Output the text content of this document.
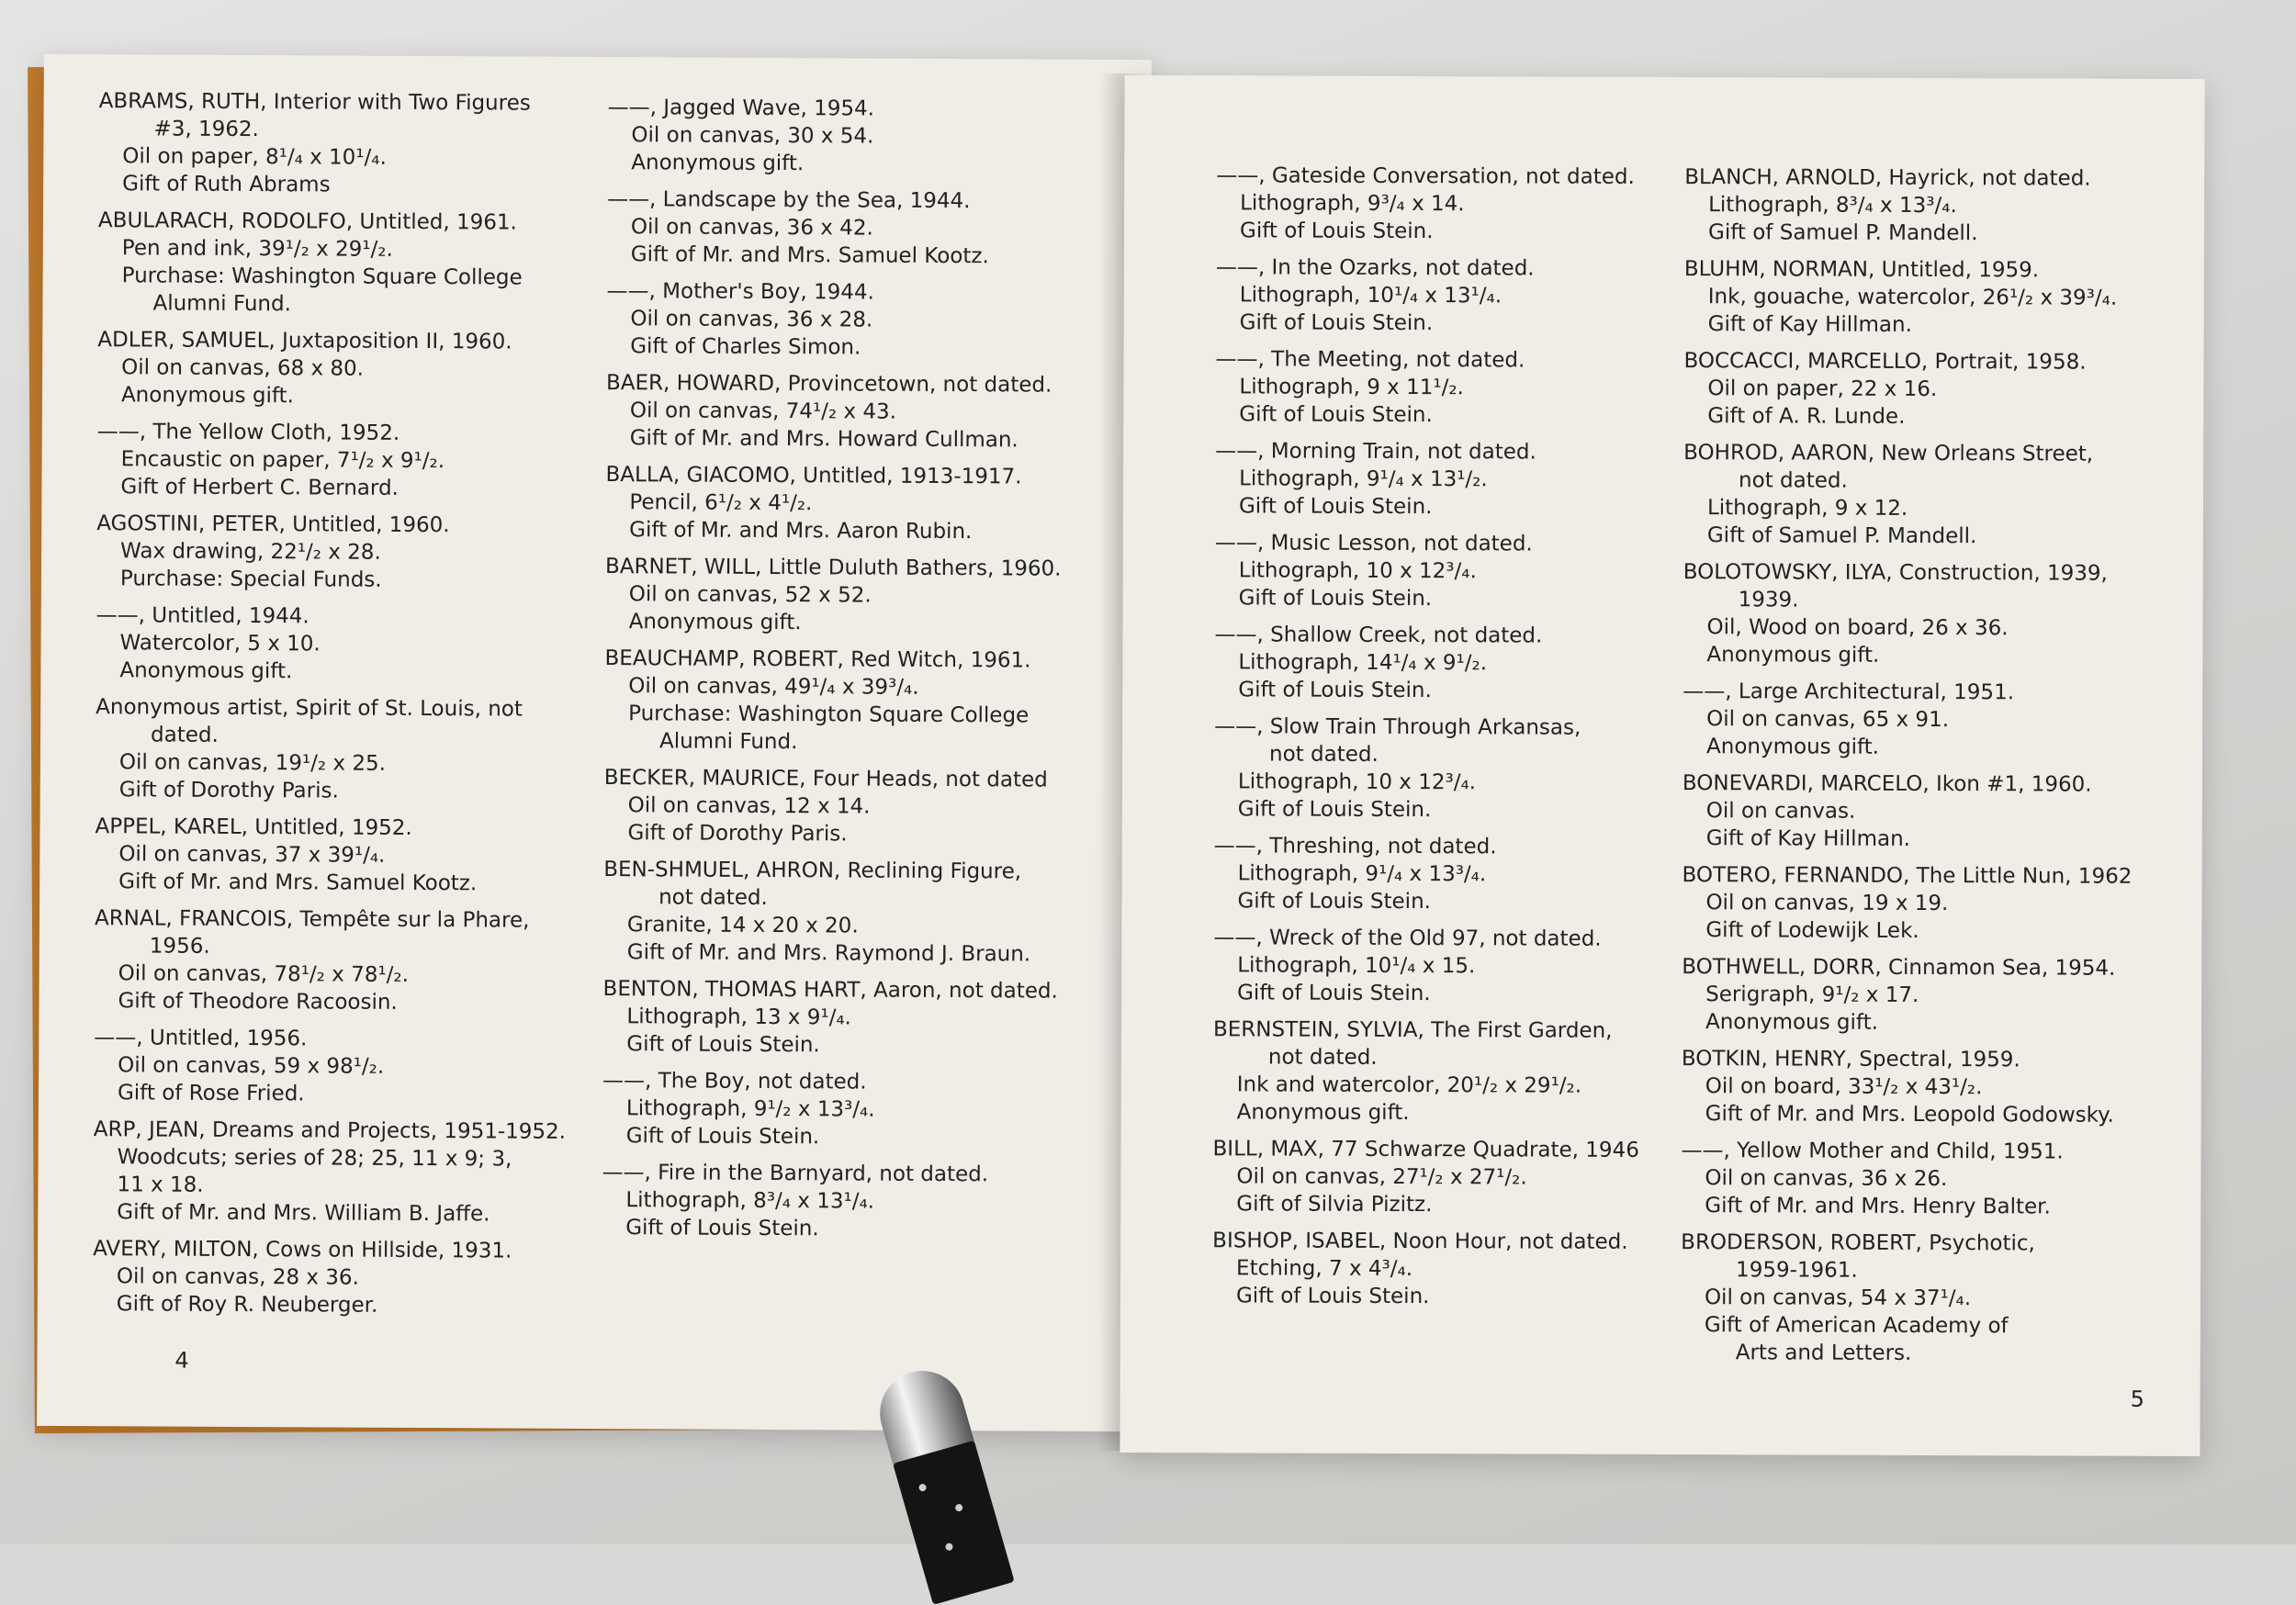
ABRAMS, RUTH, Interior with Two Figures
#3, 1962.
Oil on paper, 8¹/₄ x 10¹/₄.
Gift of Ruth Abrams
ABULARACH, RODOLFO, Untitled, 1961.
Pen and ink, 39¹/₂ x 29¹/₂.
Purchase: Washington Square College
Alumni Fund.
ADLER, SAMUEL, Juxtaposition II, 1960.
Oil on canvas, 68 x 80.
Anonymous gift.
——, The Yellow Cloth, 1952.
Encaustic on paper, 7¹/₂ x 9¹/₂.
Gift of Herbert C. Bernard.
AGOSTINI, PETER, Untitled, 1960.
Wax drawing, 22¹/₂ x 28.
Purchase: Special Funds.
——, Untitled, 1944.
Watercolor, 5 x 10.
Anonymous gift.
Anonymous artist, Spirit of St. Louis, not
dated.
Oil on canvas, 19¹/₂ x 25.
Gift of Dorothy Paris.
APPEL, KAREL, Untitled, 1952.
Oil on canvas, 37 x 39¹/₄.
Gift of Mr. and Mrs. Samuel Kootz.
ARNAL, FRANCOIS, Tempête sur la Phare,
1956.
Oil on canvas, 78¹/₂ x 78¹/₂.
Gift of Theodore Racoosin.
——, Untitled, 1956.
Oil on canvas, 59 x 98¹/₂.
Gift of Rose Fried.
ARP, JEAN, Dreams and Projects, 1951-1952.
Woodcuts; series of 28; 25, 11 x 9; 3,
11 x 18.
Gift of Mr. and Mrs. William B. Jaffe.
AVERY, MILTON, Cows on Hillside, 1931.
Oil on canvas, 28 x 36.
Gift of Roy R. Neuberger.
——, Jagged Wave, 1954.
Oil on canvas, 30 x 54.
Anonymous gift.
——, Landscape by the Sea, 1944.
Oil on canvas, 36 x 42.
Gift of Mr. and Mrs. Samuel Kootz.
——, Mother's Boy, 1944.
Oil on canvas, 36 x 28.
Gift of Charles Simon.
BAER, HOWARD, Provincetown, not dated.
Oil on canvas, 74¹/₂ x 43.
Gift of Mr. and Mrs. Howard Cullman.
BALLA, GIACOMO, Untitled, 1913-1917.
Pencil, 6¹/₂ x 4¹/₂.
Gift of Mr. and Mrs. Aaron Rubin.
BARNET, WILL, Little Duluth Bathers, 1960.
Oil on canvas, 52 x 52.
Anonymous gift.
BEAUCHAMP, ROBERT, Red Witch, 1961.
Oil on canvas, 49¹/₄ x 39³/₄.
Purchase: Washington Square College
Alumni Fund.
BECKER, MAURICE, Four Heads, not dated
Oil on canvas, 12 x 14.
Gift of Dorothy Paris.
BEN-SHMUEL, AHRON, Reclining Figure,
not dated.
Granite, 14 x 20 x 20.
Gift of Mr. and Mrs. Raymond J. Braun.
BENTON, THOMAS HART, Aaron, not dated.
Lithograph, 13 x 9¹/₄.
Gift of Louis Stein.
——, The Boy, not dated.
Lithograph, 9¹/₂ x 13³/₄.
Gift of Louis Stein.
——, Fire in the Barnyard, not dated.
Lithograph, 8³/₄ x 13¹/₄.
Gift of Louis Stein.
4
——, Gateside Conversation, not dated.
Lithograph, 9³/₄ x 14.
Gift of Louis Stein.
——, In the Ozarks, not dated.
Lithograph, 10¹/₄ x 13¹/₄.
Gift of Louis Stein.
——, The Meeting, not dated.
Lithograph, 9 x 11¹/₂.
Gift of Louis Stein.
——, Morning Train, not dated.
Lithograph, 9¹/₄ x 13¹/₂.
Gift of Louis Stein.
——, Music Lesson, not dated.
Lithograph, 10 x 12³/₄.
Gift of Louis Stein.
——, Shallow Creek, not dated.
Lithograph, 14¹/₄ x 9¹/₂.
Gift of Louis Stein.
——, Slow Train Through Arkansas,
not dated.
Lithograph, 10 x 12³/₄.
Gift of Louis Stein.
——, Threshing, not dated.
Lithograph, 9¹/₄ x 13³/₄.
Gift of Louis Stein.
——, Wreck of the Old 97, not dated.
Lithograph, 10¹/₄ x 15.
Gift of Louis Stein.
BERNSTEIN, SYLVIA, The First Garden,
not dated.
Ink and watercolor, 20¹/₂ x 29¹/₂.
Anonymous gift.
BILL, MAX, 77 Schwarze Quadrate, 1946
Oil on canvas, 27¹/₂ x 27¹/₂.
Gift of Silvia Pizitz.
BISHOP, ISABEL, Noon Hour, not dated.
Etching, 7 x 4³/₄.
Gift of Louis Stein.
BLANCH, ARNOLD, Hayrick, not dated.
Lithograph, 8³/₄ x 13³/₄.
Gift of Samuel P. Mandell.
BLUHM, NORMAN, Untitled, 1959.
Ink, gouache, watercolor, 26¹/₂ x 39³/₄.
Gift of Kay Hillman.
BOCCACCI, MARCELLO, Portrait, 1958.
Oil on paper, 22 x 16.
Gift of A. R. Lunde.
BOHROD, AARON, New Orleans Street,
not dated.
Lithograph, 9 x 12.
Gift of Samuel P. Mandell.
BOLOTOWSKY, ILYA, Construction, 1939,
1939.
Oil, Wood on board, 26 x 36.
Anonymous gift.
——, Large Architectural, 1951.
Oil on canvas, 65 x 91.
Anonymous gift.
BONEVARDI, MARCELO, Ikon #1, 1960.
Oil on canvas.
Gift of Kay Hillman.
BOTERO, FERNANDO, The Little Nun, 1962
Oil on canvas, 19 x 19.
Gift of Lodewijk Lek.
BOTHWELL, DORR, Cinnamon Sea, 1954.
Serigraph, 9¹/₂ x 17.
Anonymous gift.
BOTKIN, HENRY, Spectral, 1959.
Oil on board, 33¹/₂ x 43¹/₂.
Gift of Mr. and Mrs. Leopold Godowsky.
——, Yellow Mother and Child, 1951.
Oil on canvas, 36 x 26.
Gift of Mr. and Mrs. Henry Balter.
BRODERSON, ROBERT, Psychotic,
1959-1961.
Oil on canvas, 54 x 37¹/₄.
Gift of American Academy of
Arts and Letters.
5
